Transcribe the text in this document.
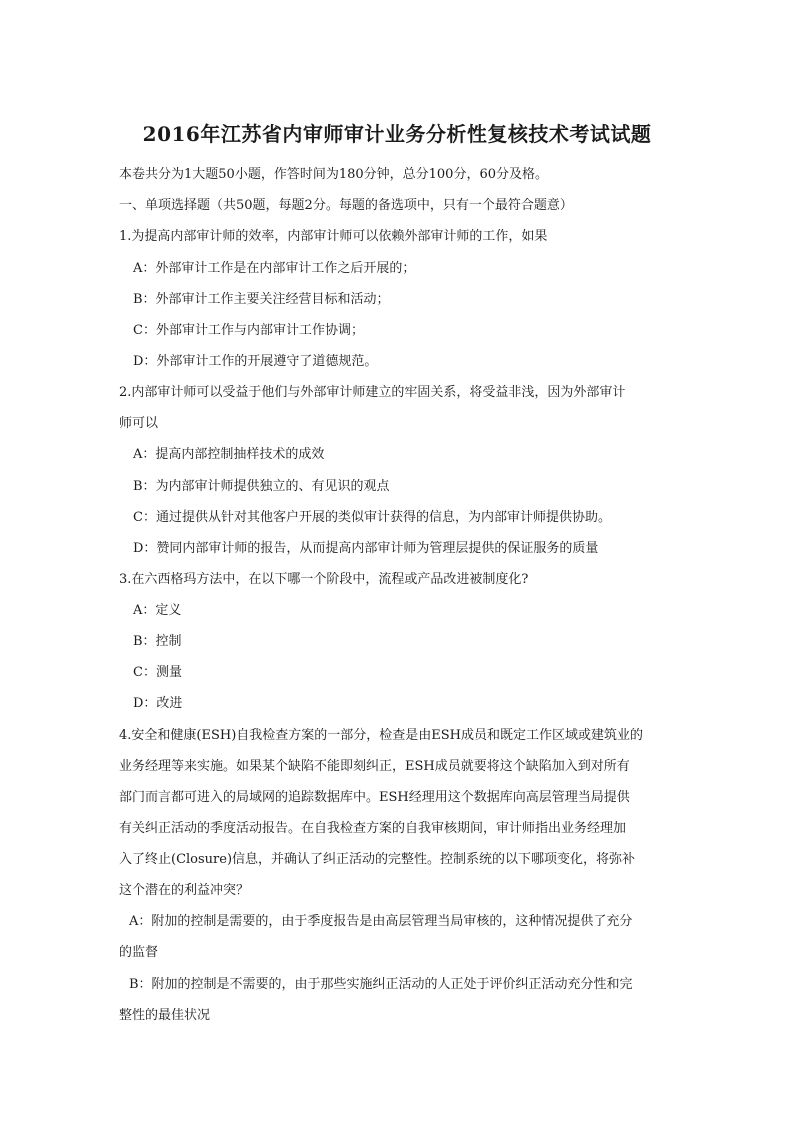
2016年江苏省内审师审计业务分析性复核技术考试试题
本卷共分为1大题50小题，作答时间为180分钟，总分100分，60分及格。
一、单项选择题（共50题，每题2分。每题的备选项中，只有一个最符合题意）
1.为提高内部审计师的效率，内部审计师可以依赖外部审计师的工作，如果
A：外部审计工作是在内部审计工作之后开展的；
B：外部审计工作主要关注经营目标和活动；
C：外部审计工作与内部审计工作协调；
D：外部审计工作的开展遵守了道德规范。
2.内部审计师可以受益于他们与外部审计师建立的牢固关系，将受益非浅，因为外部审计
师可以
A：提高内部控制抽样技术的成效
B：为内部审计师提供独立的、有见识的观点
C：通过提供从针对其他客户开展的类似审计获得的信息，为内部审计师提供协助。
D：赞同内部审计师的报告，从而提高内部审计师为管理层提供的保证服务的质量
3.在六西格玛方法中，在以下哪一个阶段中，流程或产品改进被制度化?
A：定义
B：控制
C：测量
D：改进
4.安全和健康(ESH)自我检查方案的一部分，检查是由ESH成员和既定工作区域或建筑业的
业务经理等来实施。如果某个缺陷不能即刻纠正，ESH成员就要将这个缺陷加入到对所有
部门而言都可进入的局域网的追踪数据库中。ESH经理用这个数据库向高层管理当局提供
有关纠正活动的季度活动报告。在自我检查方案的自我审核期间，审计师指出业务经理加
入了终止(Closure)信息，并确认了纠正活动的完整性。控制系统的以下哪项变化，将弥补
这个潜在的利益冲突？
A：附加的控制是需要的，由于季度报告是由高层管理当局审核的，这种情况提供了充分
的监督
B：附加的控制是不需要的，由于那些实施纠正活动的人正处于评价纠正活动充分性和完
整性的最佳状况
